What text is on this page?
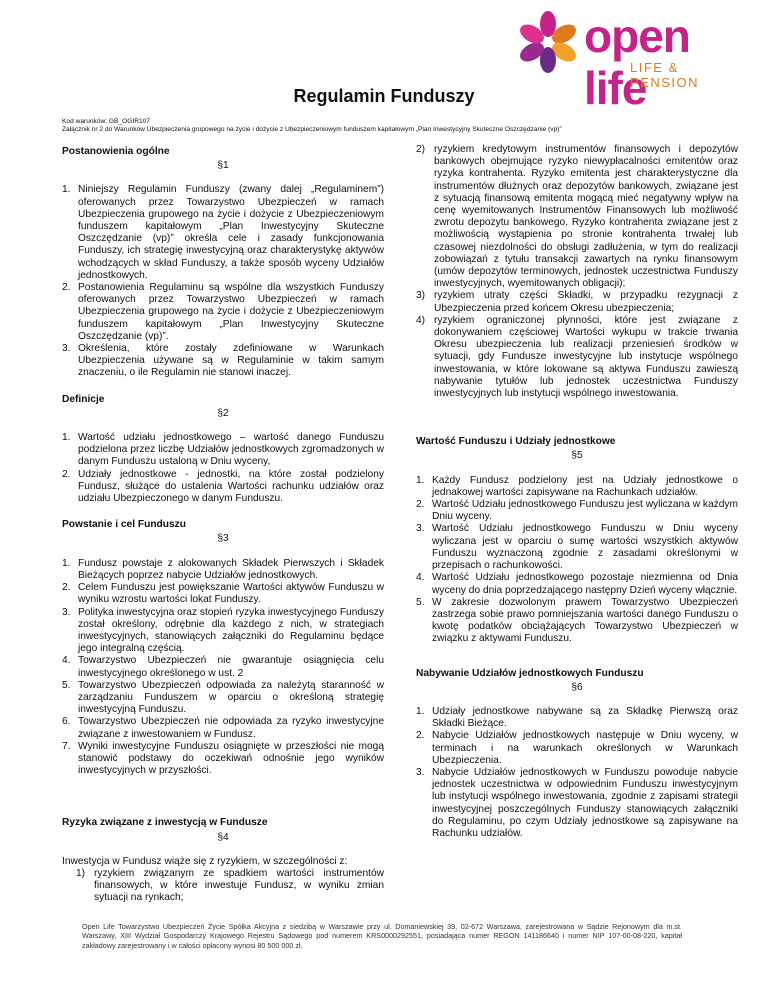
open life
LIFE & PENSION
Regulamin Funduszy
Kod warunków: GB_OGIR107
Załącznik nr 2 do Warunków Ubezpieczenia grupowego na życie i dożycie z Ubezpieczeniowym funduszem kapitałowym „Plan Inwestycyjny Skuteczne Oszczędzanie (vp)”

Postanowienia ogólne

§1

1. Niniejszy Regulamin Funduszy (zwany dalej „Regulaminem”) oferowanych przez Towarzystwo Ubezpieczeń w ramach Ubezpieczenia grupowego na życie i dożycie z Ubezpieczeniowym funduszem kapitałowym „Plan Inwestycyjny Skuteczne Oszczędzanie (vp)” określa cele i zasady funkcjonowania Funduszy, ich strategię inwestycyjną oraz charakterystykę aktywów wchodzących w skład Funduszy, a także sposób wyceny Udziałów jednostkowych.
2. Postanowienia Regulaminu są wspólne dla wszystkich Funduszy oferowanych przez Towarzystwo Ubezpieczeń w ramach Ubezpieczenia grupowego na życie i dożycie z Ubezpieczeniowym funduszem kapitałowym „Plan Inwestycyjny Skuteczne Oszczędzanie (vp)”.
3. Określenia, które zostały zdefiniowane w Warunkach Ubezpieczenia używane są w Regulaminie w takim samym znaczeniu, o ile Regulamin nie stanowi inaczej.

Definicje

§2

1. Wartość udziału jednostkowego – wartość danego Funduszu podzielona przez liczbę Udziałów jednostkowych zgromadzonych w danym Funduszu ustaloną w Dniu wyceny,
2. Udziały jednostkowe - jednostki, na które został podzielony Fundusz, służące do ustalenia Wartości rachunku udziałów oraz udziału Ubezpieczonego w danym Funduszu.

Powstanie i cel Funduszu

§3

1. Fundusz powstaje z alokowanych Składek Pierwszych i Składek Bieżących poprzez nabycie Udziałów jednostkowych.
2. Celem Funduszu jest powiększanie Wartości aktywów Funduszu w wyniku wzrostu wartości lokat Funduszy.
3. Polityka inwestycyjna oraz stopień ryzyka inwestycyjnego Funduszy został określony, odrębnie dla każdego z nich, w strategiach inwestycyjnych, stanowiących załączniki do Regulaminu będące jego integralną częścią.
4. Towarzystwo Ubezpieczeń nie gwarantuje osiągnięcia celu inwestycyjnego określonego w ust. 2
5. Towarzystwo Ubezpieczeń odpowiada za należytą staranność w zarządzaniu Funduszem w oparciu o określoną strategię inwestycyjną Funduszu.
6. Towarzystwo Ubezpieczeń nie odpowiada za ryzyko inwestycyjne związane z inwestowaniem w Fundusz.
7. Wyniki inwestycyjne Funduszu osiągnięte w przeszłości nie mogą stanowić podstawy do oczekiwań odnośnie jego wyników inwestycyjnych w przyszłości.

Ryzyka związane z inwestycją w Fundusze

§4

Inwestycja w Fundusz wiąże się z ryzykiem, w szczególności z:

1) ryzykiem związanym ze spadkiem wartości instrumentów finansowych, w które inwestuje Fundusz, w wyniku zmian sytuacji na rynkach;
2) ryzykiem kredytowym instrumentów finansowych i depozytów bankowych obejmujące ryzyko niewypłacalności emitentów oraz ryzyka kontrahenta. Ryzyko emitenta jest charakterystyczne dla instrumentów dłużnych oraz depozytów bankowych, związane jest z sytuacją finansową emitenta mogącą mieć negatywny wpływ na cenę wyemitowanych Instrumentów Finansowych lub możliwość zwrotu depozytu bankowego. Ryzyko kontrahenta związane jest z możliwością wystąpienia po stronie kontrahenta trwałej lub czasowej niezdolności do obsługi zadłużenia, w tym do realizacji zobowiązań z tytułu transakcji zawartych na rynku finansowym (umów depozytów terminowych, jednostek uczestnictwa Funduszy inwestycyjnych, wyemitowanych obligacji);
3) ryzykiem utraty części Składki, w przypadku rezygnacji z Ubezpieczenia przed końcem Okresu ubezpieczenia;
4) ryzykiem ograniczonej płynności, które jest związane z dokonywaniem częściowej Wartości wykupu w trakcie trwania Okresu ubezpieczenia lub realizacji przeniesień środków w sytuacji, gdy Fundusze inwestycyjne lub instytucje wspólnego inwestowania, w które lokowane są aktywa Funduszu zawieszą nabywanie tytułów lub jednostek uczestnictwa Funduszy inwestycyjnych lub instytucji wspólnego inwestowania.

Wartość Funduszu i Udziały jednostkowe

§5

1. Każdy Fundusz podzielony jest na Udziały jednostkowe o jednakowej wartości zapisywane na Rachunkach udziałów.
2. Wartość Udziału jednostkowego Funduszu jest wyliczana w każdym Dniu wyceny.
3. Wartość Udziału jednostkowego Funduszu w Dniu wyceny wyliczana jest w oparciu o sumę wartości wszystkich aktywów Funduszu wyznaczoną zgodnie z zasadami określonymi w przepisach o rachunkowości.
4. Wartość Udziału jednostkowego pozostaje niezmienna od Dnia wyceny do dnia poprzedzającego następny Dzień wyceny włącznie.
5. W zakresie dozwolonym prawem Towarzystwo Ubezpieczeń zastrzega sobie prawo pomniejszania wartości danego Funduszu o kwotę podatków obciążających Towarzystwo Ubezpieczeń w związku z aktywami Funduszu.

Nabywanie Udziałów jednostkowych Funduszu

§6

1. Udziały jednostkowe nabywane są za Składkę Pierwszą oraz Składki Bieżące.
2. Nabycie Udziałów jednostkowych następuje w Dniu wyceny, w terminach i na warunkach określonych w Warunkach Ubezpieczenia.
3. Nabycie Udziałów jednostkowych w Funduszu powoduje nabycie jednostek uczestnictwa w odpowiednim Funduszu inwestycyjnym lub instytucji wspólnego inwestowania, zgodnie z zapisami strategii inwestycyjnej poszczególnych Funduszy stanowiących załączniki do Regulaminu, po czym Udziały jednostkowe są zapisywane na Rachunku udziałów.
Open Life Towarzystwo Ubezpieczeń Życie Spółka Akcyjna z siedzibą w Warszawie przy ul. Domaniewskiej 39, 02-672 Warszawa, zarejestrowana w Sądzie Rejonowym dla m.st. Warszawy, XIII Wydział Gospodarczy Krajowego Rejestru Sądowego pod numerem KRS0000292551, posiadająca numer REGON 141186640 i numer NIP 107-00-08-220, kapitał zakładowy zarejestrowany i w całości opłacony wynosi 80 500 000 zł.
